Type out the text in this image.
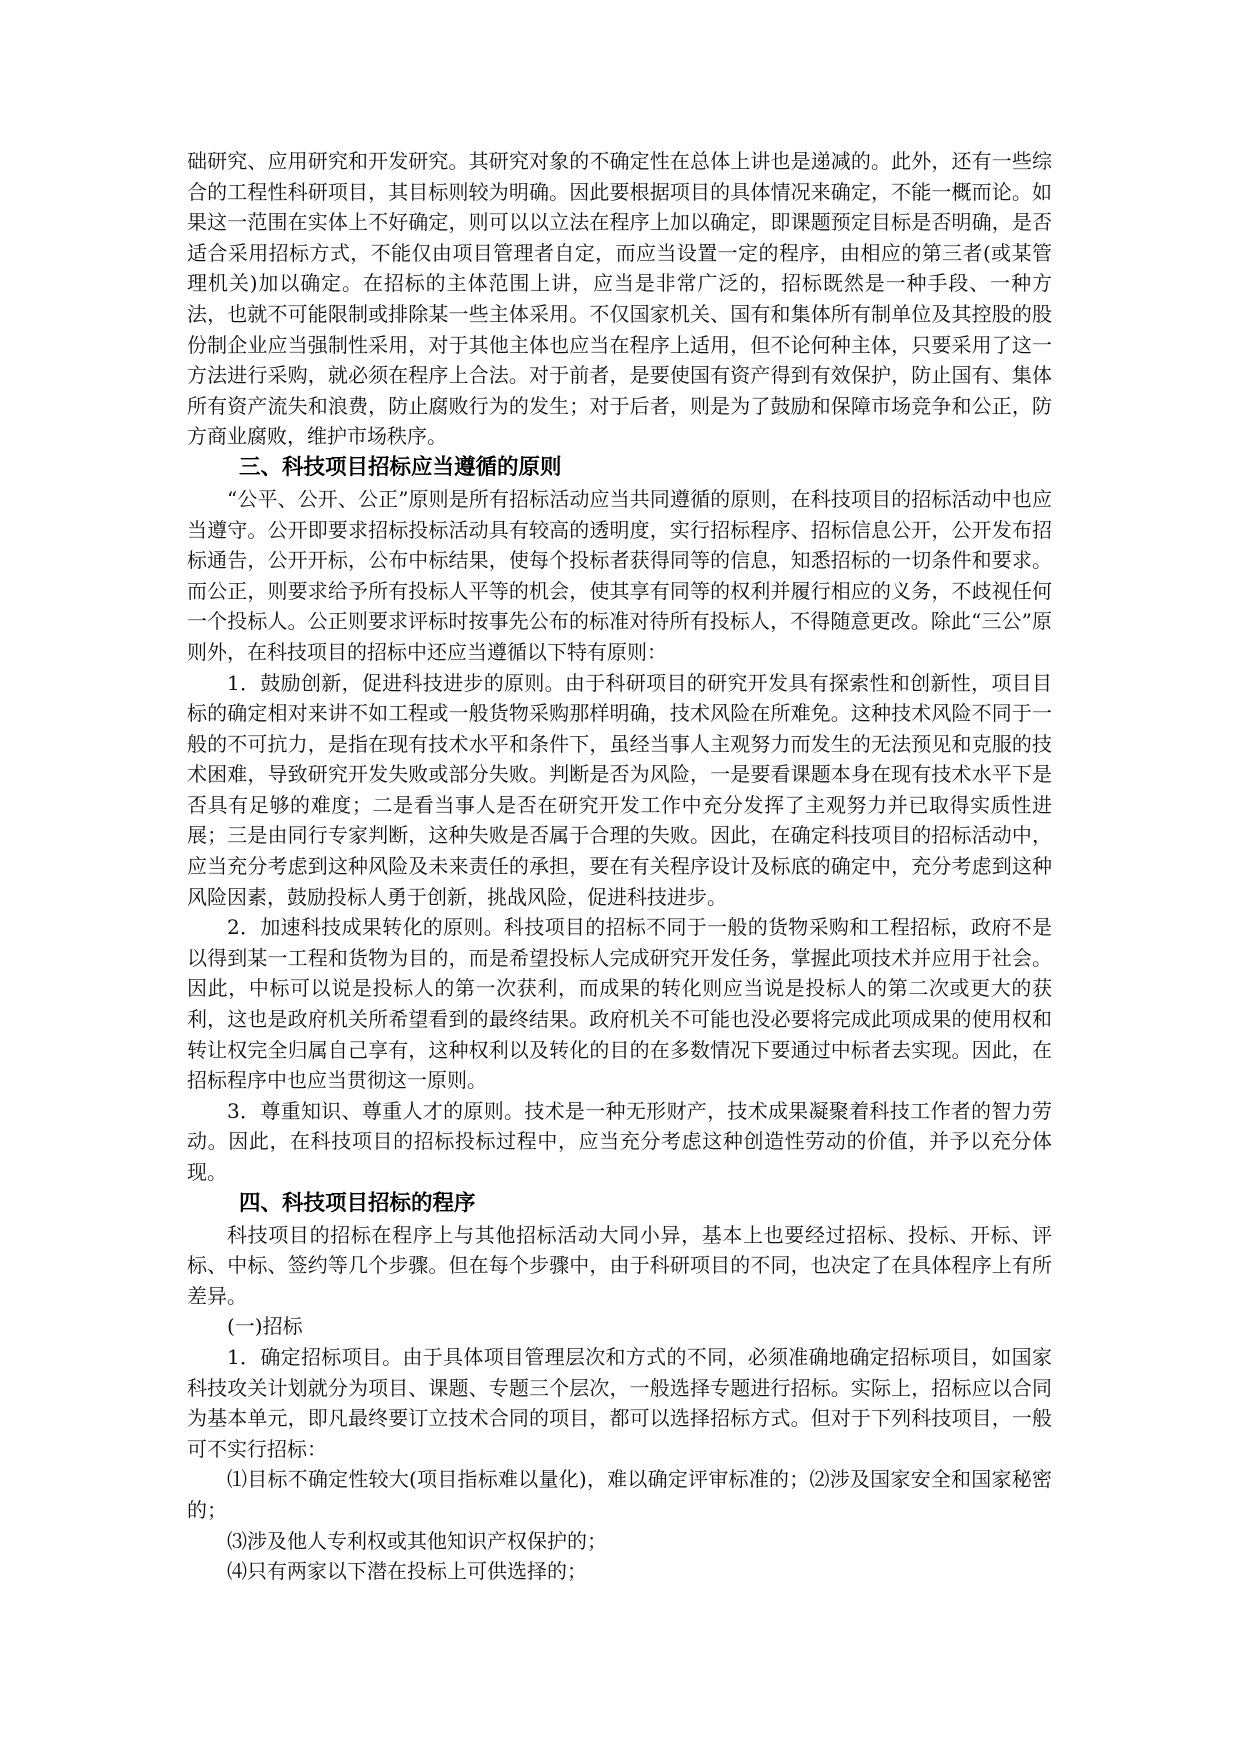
础研究、应用研究和开发研究。其研究对象的不确定性在总体上讲也是递减的。此外，还有一些综合的工程性科研项目，其目标则较为明确。因此要根据项目的具体情况来确定，不能一概而论。如果这一范围在实体上不好确定，则可以以立法在程序上加以确定，即课题预定目标是否明确，是否适合采用招标方式，不能仅由项目管理者自定，而应当设置一定的程序，由相应的第三者(或某管理机关)加以确定。在招标的主体范围上讲，应当是非常广泛的，招标既然是一种手段、一种方法，也就不可能限制或排除某一些主体采用。不仅国家机关、国有和集体所有制单位及其控股的股份制企业应当强制性采用，对于其他主体也应当在程序上适用，但不论何种主体，只要采用了这一方法进行采购，就必须在程序上合法。对于前者，是要使国有资产得到有效保护，防止国有、集体所有资产流失和浪费，防止腐败行为的发生；对于后者，则是为了鼓励和保障市场竞争和公正，防方商业腐败，维护市场秩序。

三、科技项目招标应当遵循的原则

“公平、公开、公正”原则是所有招标活动应当共同遵循的原则，在科技项目的招标活动中也应当遵守。公开即要求招标投标活动具有较高的透明度，实行招标程序、招标信息公开，公开发布招标通告，公开开标，公布中标结果，使每个投标者获得同等的信息，知悉招标的一切条件和要求。而公正，则要求给予所有投标人平等的机会，使其享有同等的权利并履行相应的义务，不歧视任何一个投标人。公正则要求评标时按事先公布的标准对待所有投标人，不得随意更改。除此“三公”原则外，在科技项目的招标中还应当遵循以下特有原则：

1．鼓励创新，促进科技进步的原则。由于科研项目的研究开发具有探索性和创新性，项目目标的确定相对来讲不如工程或一般货物采购那样明确，技术风险在所难免。这种技术风险不同于一般的不可抗力，是指在现有技术水平和条件下，虽经当事人主观努力而发生的无法预见和克服的技术困难，导致研究开发失败或部分失败。判断是否为风险，一是要看课题本身在现有技术水平下是否具有足够的难度；二是看当事人是否在研究开发工作中充分发挥了主观努力并已取得实质性进展；三是由同行专家判断，这种失败是否属于合理的失败。因此，在确定科技项目的招标活动中，应当充分考虑到这种风险及未来责任的承担，要在有关程序设计及标底的确定中，充分考虑到这种风险因素，鼓励投标人勇于创新，挑战风险，促进科技进步。

2．加速科技成果转化的原则。科技项目的招标不同于一般的货物采购和工程招标，政府不是以得到某一工程和货物为目的，而是希望投标人完成研究开发任务，掌握此项技术并应用于社会。因此，中标可以说是投标人的第一次获利，而成果的转化则应当说是投标人的第二次或更大的获利，这也是政府机关所希望看到的最终结果。政府机关不可能也没必要将完成此项成果的使用权和转让权完全归属自己享有，这种权利以及转化的目的在多数情况下要通过中标者去实现。因此，在招标程序中也应当贯彻这一原则。

3．尊重知识、尊重人才的原则。技术是一种无形财产，技术成果凝聚着科技工作者的智力劳动。因此，在科技项目的招标投标过程中，应当充分考虑这种创造性劳动的价值，并予以充分体现。

四、科技项目招标的程序

科技项目的招标在程序上与其他招标活动大同小异，基本上也要经过招标、投标、开标、评标、中标、签约等几个步骤。但在每个步骤中，由于科研项目的不同，也决定了在具体程序上有所差异。

(一)招标

1．确定招标项目。由于具体项目管理层次和方式的不同，必须准确地确定招标项目，如国家科技攻关计划就分为项目、课题、专题三个层次，一般选择专题进行招标。实际上，招标应以合同为基本单元，即凡最终要订立技术合同的项目，都可以选择招标方式。但对于下列科技项目，一般可不实行招标：

⑴目标不确定性较大(项目指标难以量化)，难以确定评审标准的；⑵涉及国家安全和国家秘密的；

⑶涉及他人专利权或其他知识产权保护的；

⑷只有两家以下潜在投标上可供选择的；
